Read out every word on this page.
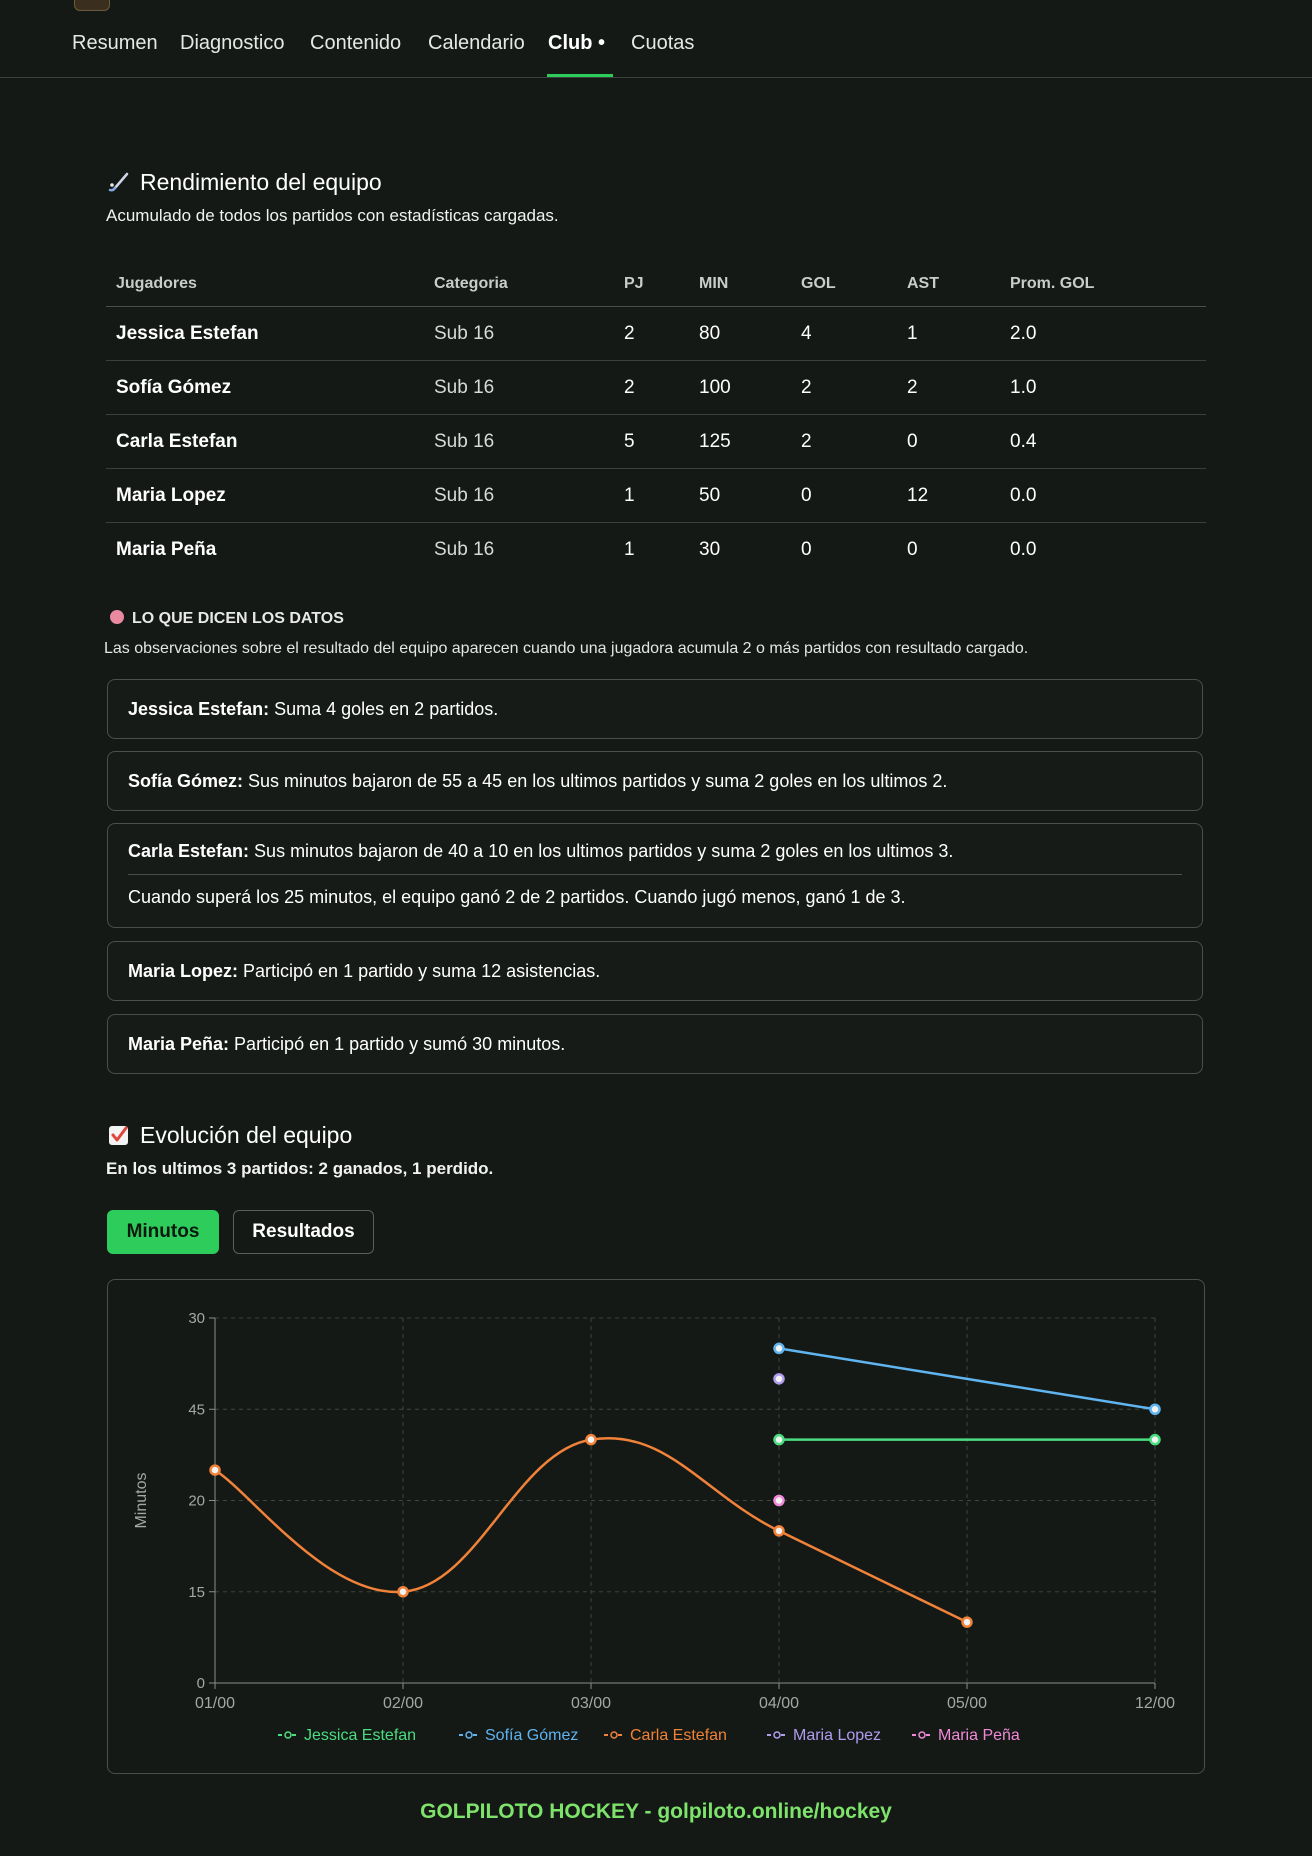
Resumen Diagnostico Contenido Calendario Club • Cuotas
Rendimiento del equipo
Acumulado de todos los partidos con estadísticas cargadas.
Jugadores	Categoria	PJ	MIN	GOL	AST	Prom. GOL
Jessica Estefan	Sub 16	2	80	4	1	2.0
Sofía Gómez	Sub 16	2	100	2	2	1.0
Carla Estefan	Sub 16	5	125	2	0	0.4
Maria Lopez	Sub 16	1	50	0	12	0.0
Maria Peña	Sub 16	1	30	0	0	0.0
LO QUE DICEN LOS DATOS
Las observaciones sobre el resultado del equipo aparecen cuando una jugadora acumula 2 o más partidos con resultado cargado.
Jessica Estefan: Suma 4 goles en 2 partidos.
Sofía Gómez: Sus minutos bajaron de 55 a 45 en los ultimos partidos y suma 2 goles en los ultimos 2.
Carla Estefan: Sus minutos bajaron de 40 a 10 en los ultimos partidos y suma 2 goles en los ultimos 3.
Cuando superá los 25 minutos, el equipo ganó 2 de 2 partidos. Cuando jugó menos, ganó 1 de 3.
Maria Lopez: Participó en 1 partido y suma 12 asistencias.
Maria Peña: Participó en 1 partido y sumó 30 minutos.
Evolución del equipo
En los ultimos 3 partidos: 2 ganados, 1 perdido.
Minutos	Resultados
0
15
20
45
30
01/00	02/00	03/00	04/00	05/00	12/00
Minutos
Jessica Estefan	Sofía Gómez	Carla Estefan	Maria Lopez	Maria Peña
GOLPILOTO HOCKEY - golpiloto.online/hockey
